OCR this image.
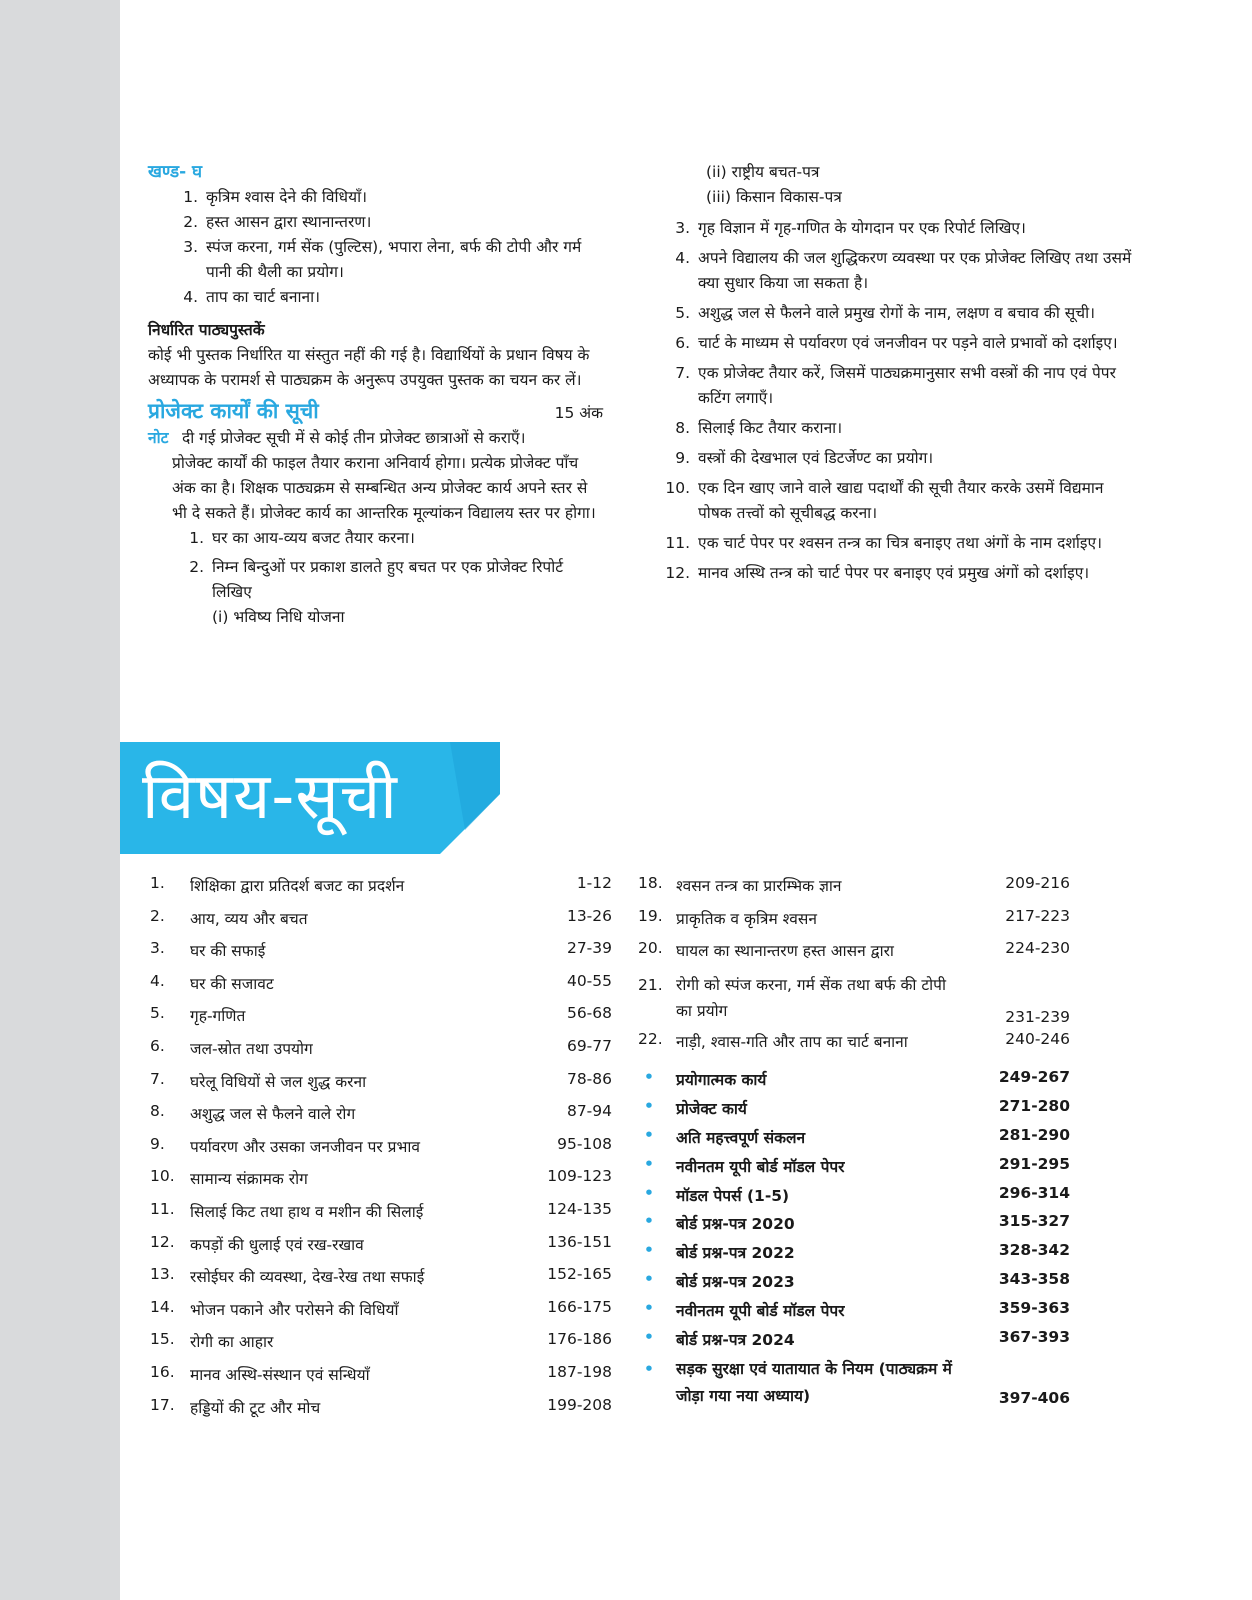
खण्ड- घ
1. कृत्रिम श्वास देने की विधियाँ।
2. हस्त आसन द्वारा स्थानान्तरण।
3. स्पंज करना, गर्म सेंक (पुल्टिस), भपारा लेना, बर्फ की टोपी और गर्म पानी की थैली का प्रयोग।
4. ताप का चार्ट बनाना।
निर्धारित पाठ्यपुस्तकें

कोई भी पुस्तक निर्धारित या संस्तुत नहीं की गई है। विद्यार्थियों के प्रधान विषय के अध्यापक के परामर्श से पाठ्यक्रम के अनुरूप उपयुक्त पुस्तक का चयन कर लें।

प्रोजेक्ट कार्यों की सूची	15 अंक
नोट दी गई प्रोजेक्ट सूची में से कोई तीन प्रोजेक्ट छात्राओं से कराएँ।

प्रोजेक्ट कार्यों की फाइल तैयार कराना अनिवार्य होगा। प्रत्येक प्रोजेक्ट पाँच अंक का है। शिक्षक पाठ्यक्रम से सम्बन्धित अन्य प्रोजेक्ट कार्य अपने स्तर से भी दे सकते हैं। प्रोजेक्ट कार्य का आन्तरिक मूल्यांकन विद्यालय स्तर पर होगा।

1. घर का आय-व्यय बजट तैयार करना।
2. निम्न बिन्दुओं पर प्रकाश डालते हुए बचत पर एक प्रोजेक्ट रिपोर्ट लिखिए
(i) भविष्य निधि योजना
(ii) राष्ट्रीय बचत-पत्र
(iii) किसान विकास-पत्र
3. गृह विज्ञान में गृह-गणित के योगदान पर एक रिपोर्ट लिखिए।
4. अपने विद्यालय की जल शुद्धिकरण व्यवस्था पर एक प्रोजेक्ट लिखिए तथा उसमें क्या सुधार किया जा सकता है।
5. अशुद्ध जल से फैलने वाले प्रमुख रोगों के नाम, लक्षण व बचाव की सूची।
6. चार्ट के माध्यम से पर्यावरण एवं जनजीवन पर पड़ने वाले प्रभावों को दर्शाइए।
7. एक प्रोजेक्ट तैयार करें, जिसमें पाठ्यक्रमानुसार सभी वस्त्रों की नाप एवं पेपर कटिंग लगाएँ।
8. सिलाई किट तैयार कराना।
9. वस्त्रों की देखभाल एवं डिटर्जेण्ट का प्रयोग।
10. एक दिन खाए जाने वाले खाद्य पदार्थों की सूची तैयार करके उसमें विद्यमान पोषक तत्त्वों को सूचीबद्ध करना।
11. एक चार्ट पेपर पर श्वसन तन्त्र का चित्र बनाइए तथा अंगों के नाम दर्शाइए।
12. मानव अस्थि तन्त्र को चार्ट पेपर पर बनाइए एवं प्रमुख अंगों को दर्शाइए।
विषय-सूची
1.	शिक्षिका द्वारा प्रतिदर्श बजट का प्रदर्शन	1-12
2.	आय, व्यय और बचत	13-26
3.	घर की सफाई	27-39
4.	घर की सजावट	40-55
5.	गृह-गणित	56-68
6.	जल-स्रोत तथा उपयोग	69-77
7.	घरेलू विधियों से जल शुद्ध करना	78-86
8.	अशुद्ध जल से फैलने वाले रोग	87-94
9.	पर्यावरण और उसका जनजीवन पर प्रभाव	95-108
10. सामान्य संक्रामक रोग	109-123
11. सिलाई किट तथा हाथ व मशीन की सिलाई	124-135
12. कपड़ों की धुलाई एवं रख-रखाव	136-151
13. रसोईघर की व्यवस्था, देख-रेख तथा सफाई	152-165
14. भोजन पकाने और परोसने की विधियाँ	166-175
15. रोगी का आहार	176-186
16. मानव अस्थि-संस्थान एवं सन्धियाँ	187-198
17. हड्डियों की टूट और मोच	199-208
18. श्वसन तन्त्र का प्रारम्भिक ज्ञान	209-216
19. प्राकृतिक व कृत्रिम श्वसन	217-223
20. घायल का स्थानान्तरण हस्त आसन द्वारा	224-230
21. रोगी को स्पंज करना, गर्म सेंक तथा बर्फ की टोपी का प्रयोग	231-239
22. नाड़ी, श्वास-गति और ताप का चार्ट बनाना	240-246
•	प्रयोगात्मक कार्य	249-267
•	प्रोजेक्ट कार्य	271-280
•	अति महत्त्वपूर्ण संकलन	281-290
•	नवीनतम यूपी बोर्ड मॉडल पेपर	291-295
•	मॉडल पेपर्स (1-5)	296-314
•	बोर्ड प्रश्न-पत्र 2020	315-327
•	बोर्ड प्रश्न-पत्र 2022	328-342
•	बोर्ड प्रश्न-पत्र 2023	343-358
•	नवीनतम यूपी बोर्ड मॉडल पेपर	359-363
•	बोर्ड प्रश्न-पत्र 2024	367-393
•	सड़क सुरक्षा एवं यातायात के नियम (पाठ्यक्रम में जोड़ा गया नया अध्याय)	397-406
